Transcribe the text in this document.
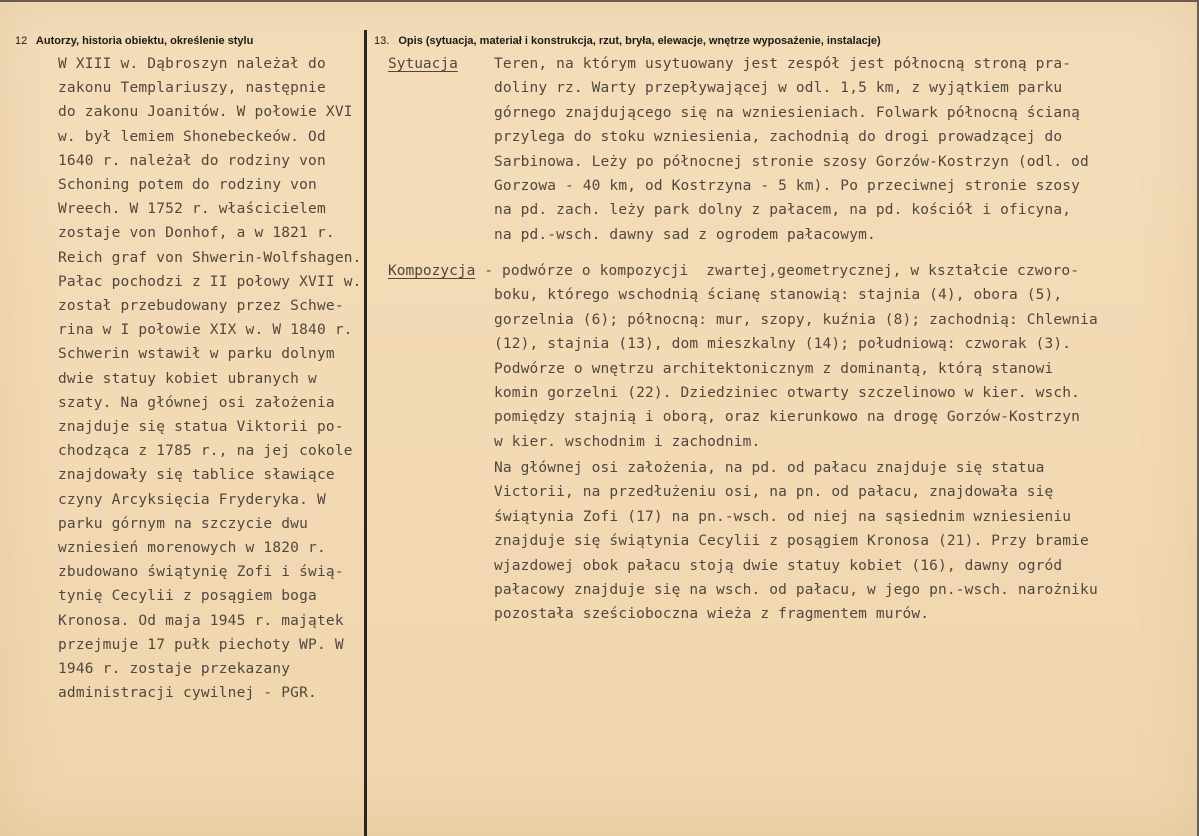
12 Autorzy, historia obiektu, określenie stylu	13. Opis (sytuacja, materiał i konstrukcja, rzut, bryła, elewacje, wnętrze wyposażenie, instalacje)
W XIII w. Dąbroszyn należał do
zakonu Templariuszy, następnie
do zakonu Joanitów. W połowie XVI
w. był lemiem Shonebeckeów. Od
1640 r. należał do rodziny von
Schoning potem do rodziny von
Wreech. W 1752 r. właścicielem
zostaje von Donhof, a w 1821 r.
Reich graf von Shwerin-Wolfshagen.
Pałac pochodzi z II połowy XVII w.
został przebudowany przez Schwe-
rina w I połowie XIX w. W 1840 r.
Schwerin wstawił w parku dolnym
dwie statuy kobiet ubranych w
szaty. Na głównej osi założenia
znajduje się statua Viktorii po-
chodząca z 1785 r., na jej cokole
znajdowały się tablice sławiące
czyny Arcyksięcia Fryderyka. W
parku górnym na szczycie dwu
wzniesień morenowych w 1820 r.
zbudowano świątynię Zofi i świą-
tynię Cecylii z posągiem boga
Kronosa. Od maja 1945 r. majątek
przejmuje 17 pułk piechoty WP. W
1946 r. zostaje przekazany
administracji cywilnej - PGR.
Sytuacja	Teren, na którym usytuowany jest zespół jest północną stroną pra-
doliny rz. Warty przepływającej w odl. 1,5 km, z wyjątkiem parku
górnego znajdującego się na wzniesieniach. Folwark północną ścianą
przylega do stoku wzniesienia, zachodnią do drogi prowadzącej do
Sarbinowa. Leży po północnej stronie szosy Gorzów-Kostrzyn (odl. od
Gorzowa - 40 km, od Kostrzyna - 5 km). Po przeciwnej stronie szosy
na pd. zach. leży park dolny z pałacem, na pd. kościół i oficyna,
na pd.-wsch. dawny sad z ogrodem pałacowym.
Kompozycja - podwórze o kompozycji  zwartej,geometrycznej, w kształcie czworo-
boku, którego wschodnią ścianę stanowią: stajnia (4), obora (5),
gorzelnia (6); północną: mur, szopy, kuźnia (8); zachodnią: Chlewnia
(12), stajnia (13), dom mieszkalny (14); południową: czworak (3).
Podwórze o wnętrzu architektonicznym z dominantą, którą stanowi
komin gorzelni (22). Dziedziniec otwarty szczelinowo w kier. wsch.
pomiędzy stajnią i oborą, oraz kierunkowo na drogę Gorzów-Kostrzyn
w kier. wschodnim i zachodnim.
Na głównej osi założenia, na pd. od pałacu znajduje się statua
Victorii, na przedłużeniu osi, na pn. od pałacu, znajdowała się
świątynia Zofi (17) na pn.-wsch. od niej na sąsiednim wzniesieniu
znajduje się świątynia Cecylii z posągiem Kronosa (21). Przy bramie
wjazdowej obok pałacu stoją dwie statuy kobiet (16), dawny ogród
pałacowy znajduje się na wsch. od pałacu, w jego pn.-wsch. narożniku
pozostała sześcioboczna wieża z fragmentem murów.
